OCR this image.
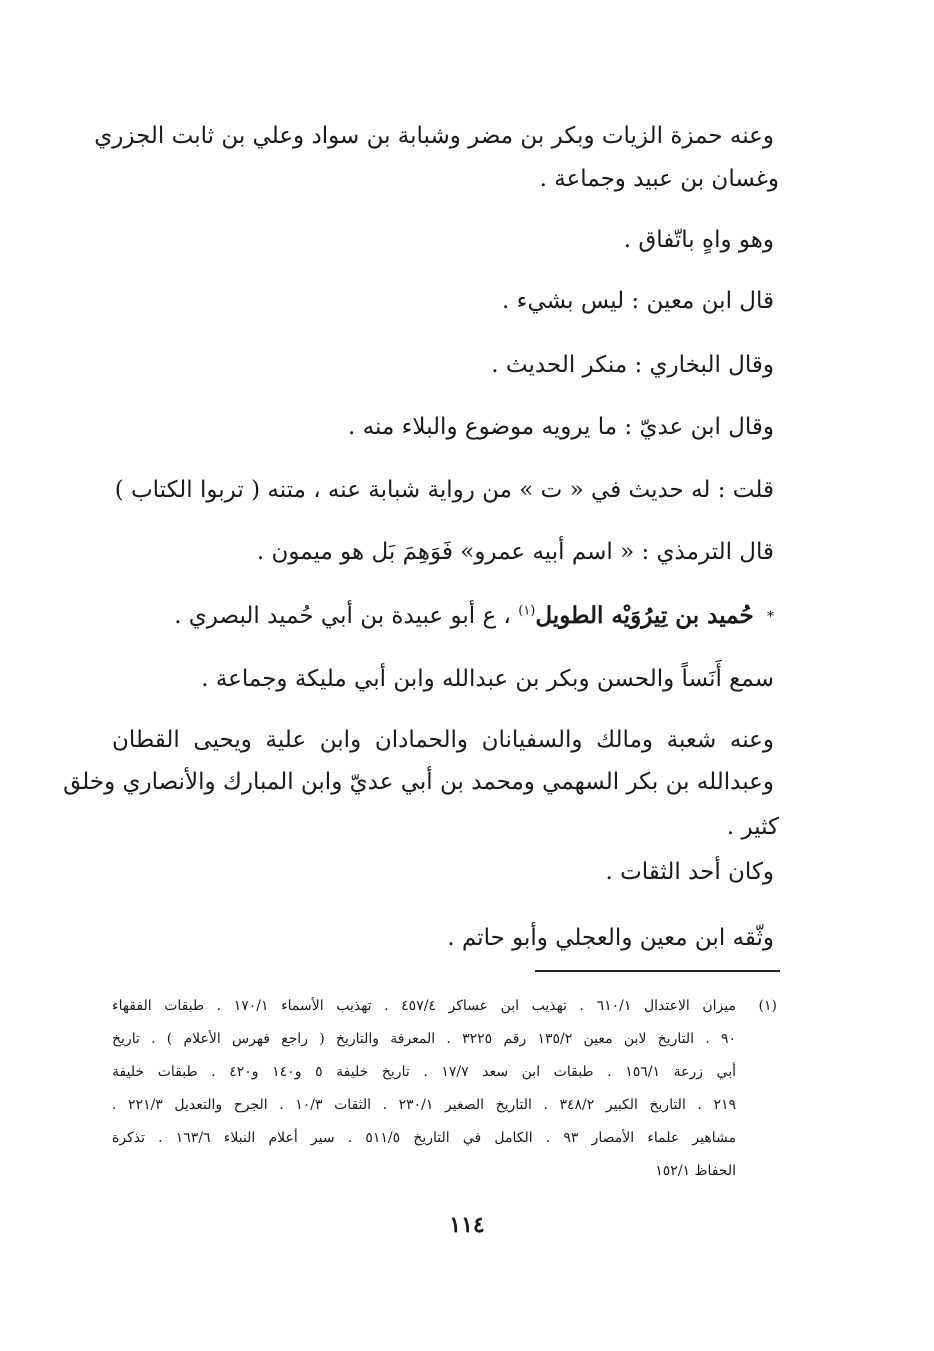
وعنه حمزة الزيات وبكر بن مضر وشبابة بن سواد وعلي بن ثابت الجزري
وغسان بن عبيد وجماعة .
وهو واهٍ باتّفاق .
قال ابن معين : ليس بشيء .
وقال البخاري : منكر الحديث .
وقال ابن عديّ : ما يرويه موضوع والبلاء منه .
قلت : له حديث في « ت » من رواية شبابة عنه ، متنه ( تربوا الكتاب )
قال الترمذي : « اسم أبيه عمرو» فَوَهِمَ بَل هو ميمون .
* حُميد بن تِيرُوَيْه الطويل$^{(١)}$ ، ع أبو عبيدة بن أبي حُميد البصري .
سمع أَنَساً والحسن وبكر بن عبدالله وابن أبي مليكة وجماعة .
وعنه شعبة ومالك والسفيانان والحمادان وابن علية ويحيى القطان
وعبدالله بن بكر السهمي ومحمد بن أبي عديّ وابن المبارك والأنصاري وخلق
كثير .
وكان أحد الثقات .
وثّقه ابن معين والعجلي وأبو حاتم .
(١)
ميزان الاعتدال ٦١٠/١ . تهذيب ابن عساكر ٤٥٧/٤ . تهذيب الأسماء ١٧٠/١ . طبقات الفقهاء
٩٠ . التاريخ لابن معين ١٣٥/٢ رقم ٣٢٢٥ . المعرفة والتاريخ ( راجع فهرس الأعلام ) . تاريخ
أبي زرعة ١٥٦/١ . طبقات ابن سعد ١٧/٧ . تاريخ خليفة ٥ و١٤٠ و٤٢٠ . طبقات خليفة
٢١٩ . التاريخ الكبير ٣٤٨/٢ . التاريخ الصغير ٢٣٠/١ . الثقات ١٠/٣ . الجرح والتعديل ٢٢١/٣ .
مشاهير علماء الأمصار ٩٣ . الكامل في التاريخ ٥١١/٥ . سير أعلام النبلاء ١٦٣/٦ . تذكرة
الحفاظ ١٥٢/١
١١٤
